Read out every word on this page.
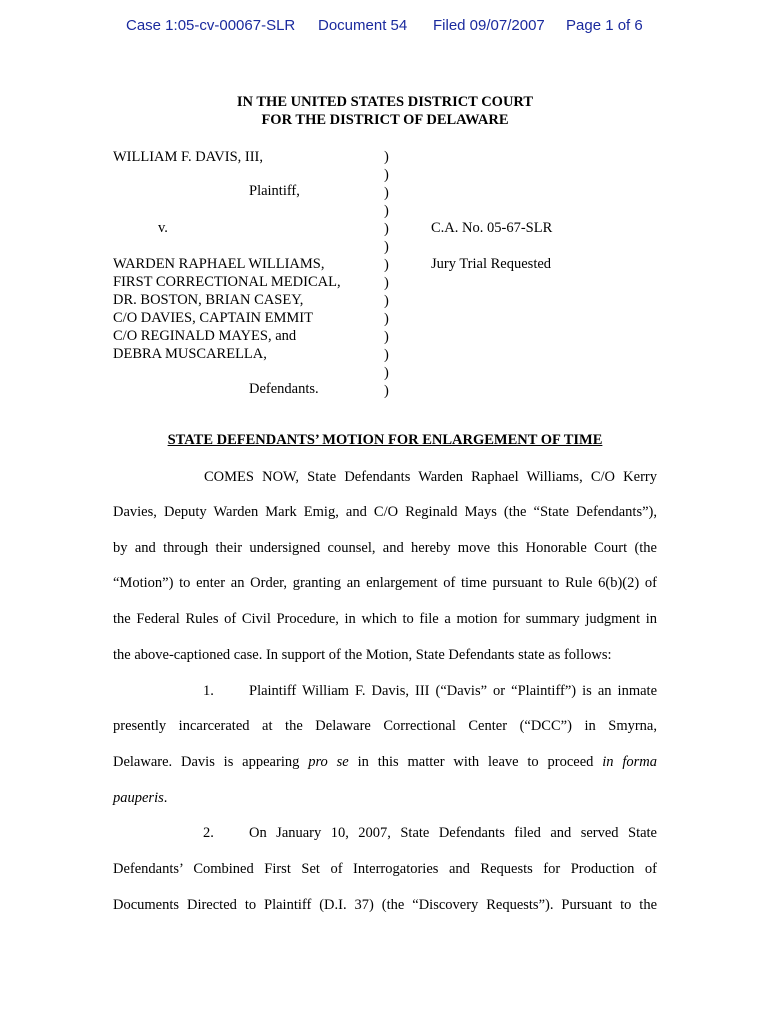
Case 1:05-cv-00067-SLR Document 54 Filed 09/07/2007 Page 1 of 6
IN THE UNITED STATES DISTRICT COURT
FOR THE DISTRICT OF DELAWARE
WILLIAM F. DAVIS, III,
Plaintiff,
v.
WARDEN RAPHAEL WILLIAMS,
FIRST CORRECTIONAL MEDICAL,
DR. BOSTON, BRIAN CASEY,
C/O DAVIES, CAPTAIN EMMIT
C/O REGINALD MAYES, and
DEBRA MUSCARELLA,
Defendants.
)
)
)
)
)
)
)
)
)
)
)
)
)
)
C.A. No. 05-67-SLR
Jury Trial Requested
STATE DEFENDANTS’ MOTION FOR ENLARGEMENT OF TIME
COMES NOW, State Defendants Warden Raphael Williams, C/O Kerry
Davies, Deputy Warden Mark Emig, and C/O Reginald Mays (the “State Defendants”),
by and through their undersigned counsel, and hereby move this Honorable Court (the
“Motion”) to enter an Order, granting an enlargement of time pursuant to Rule 6(b)(2) of
the Federal Rules of Civil Procedure, in which to file a motion for summary judgment in
the above-captioned case. In support of the Motion, State Defendants state as follows:
1. Plaintiff William F. Davis, III (“Davis” or “Plaintiff”) is an inmate
presently incarcerated at the Delaware Correctional Center (“DCC”) in Smyrna,
Delaware. Davis is appearing pro se in this matter with leave to proceed in forma
pauperis.
2. On January 10, 2007, State Defendants filed and served State
Defendants’ Combined First Set of Interrogatories and Requests for Production of
Documents Directed to Plaintiff (D.I. 37) (the “Discovery Requests”). Pursuant to the
